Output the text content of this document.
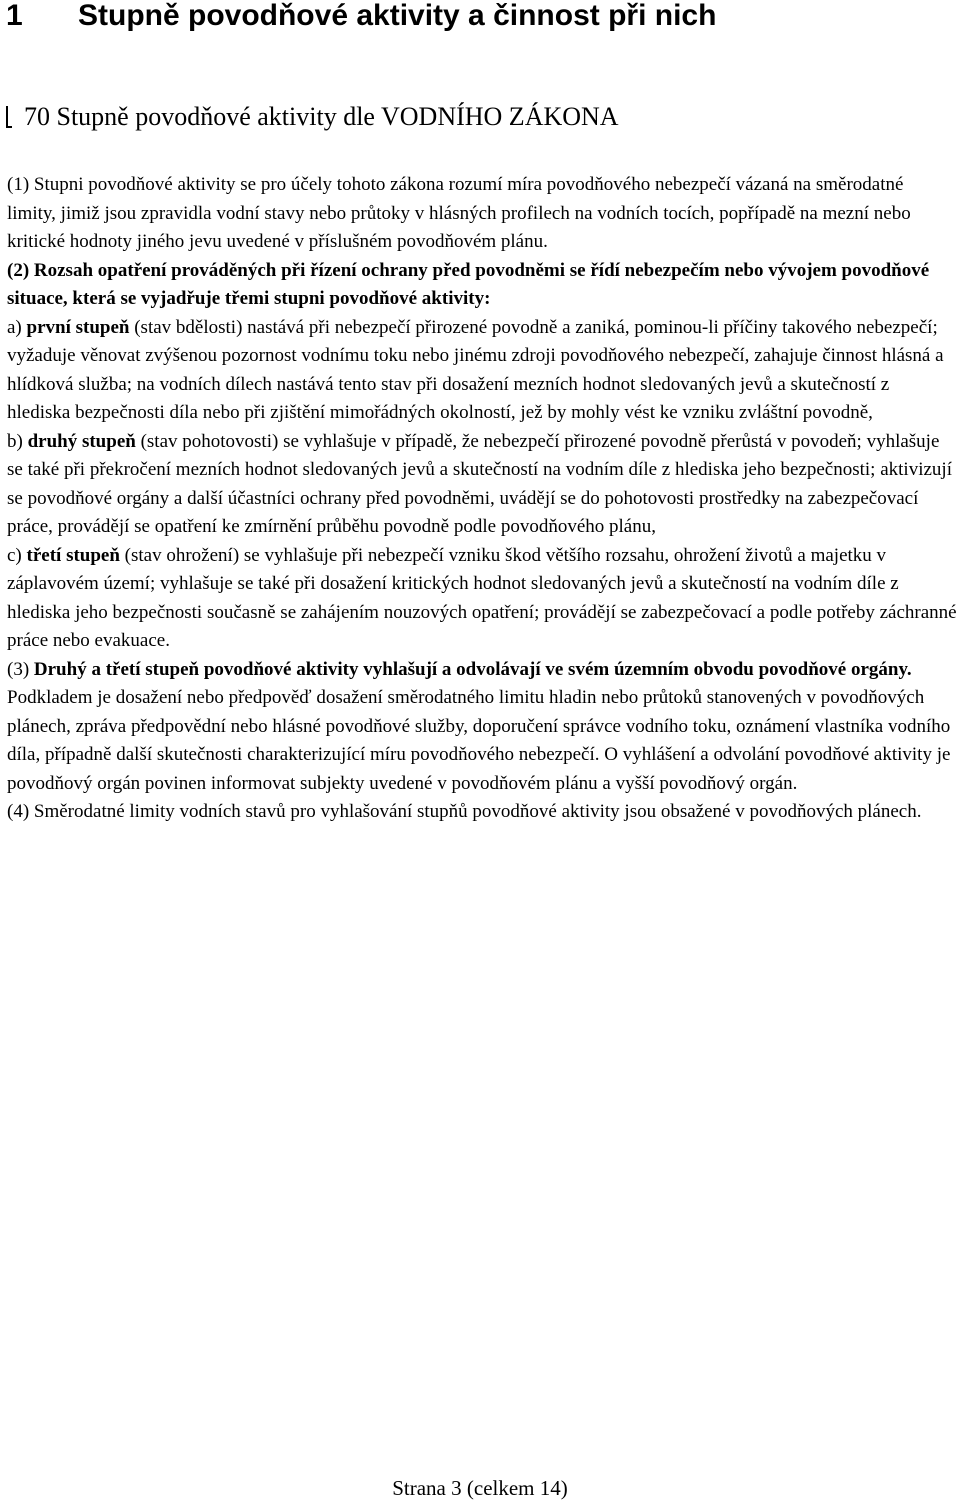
1 Stupně povodňové aktivity a činnost při nich
70 Stupně povodňové aktivity dle VODNÍHO ZÁKONA

(1) Stupni povodňové aktivity se pro účely tohoto zákona rozumí míra povodňového nebezpečí vázaná na směrodatné limity, jimiž jsou zpravidla vodní stavy nebo průtoky v hlásných profilech na vodních tocích, popřípadě na mezní nebo kritické hodnoty jiného jevu uvedené v příslušném povodňovém plánu.

(2) Rozsah opatření prováděných při řízení ochrany před povodněmi se řídí nebezpečím nebo vývojem povodňové situace, která se vyjadřuje třemi stupni povodňové aktivity:

a) první stupeň (stav bdělosti) nastává při nebezpečí přirozené povodně a zaniká, pominou-li příčiny takového nebezpečí; vyžaduje věnovat zvýšenou pozornost vodnímu toku nebo jinému zdroji povodňového nebezpečí, zahajuje činnost hlásná a hlídková služba; na vodních dílech nastává tento stav při dosažení mezních hodnot sledovaných jevů a skutečností z hlediska bezpečnosti díla nebo při zjištění mimořádných okolností, jež by mohly vést ke vzniku zvláštní povodně,

b) druhý stupeň (stav pohotovosti) se vyhlašuje v případě, že nebezpečí přirozené povodně přerůstá v povodeň; vyhlašuje se také při překročení mezních hodnot sledovaných jevů a skutečností na vodním díle z hlediska jeho bezpečnosti; aktivizují se povodňové orgány a další účastníci ochrany před povodněmi, uvádějí se do pohotovosti prostředky na zabezpečovací práce, provádějí se opatření ke zmírnění průběhu povodně podle povodňového plánu,

c) třetí stupeň (stav ohrožení) se vyhlašuje při nebezpečí vzniku škod většího rozsahu, ohrožení životů a majetku v záplavovém území; vyhlašuje se také při dosažení kritických hodnot sledovaných jevů a skutečností na vodním díle z hlediska jeho bezpečnosti současně se zahájením nouzových opatření; provádějí se zabezpečovací a podle potřeby záchranné práce nebo evakuace.

(3) Druhý a třetí stupeň povodňové aktivity vyhlašují a odvolávají ve svém územním obvodu povodňové orgány. Podkladem je dosažení nebo předpověď dosažení směrodatného limitu hladin nebo průtoků stanovených v povodňových plánech, zpráva předpovědní nebo hlásné povodňové služby, doporučení správce vodního toku, oznámení vlastníka vodního díla, případně další skutečnosti charakterizující míru povodňového nebezpečí. O vyhlášení a odvolání povodňové aktivity je povodňový orgán povinen informovat subjekty uvedené v povodňovém plánu a vyšší povodňový orgán.

(4) Směrodatné limity vodních stavů pro vyhlašování stupňů povodňové aktivity jsou obsažené v povodňových plánech.

Strana 3 (celkem 14)
